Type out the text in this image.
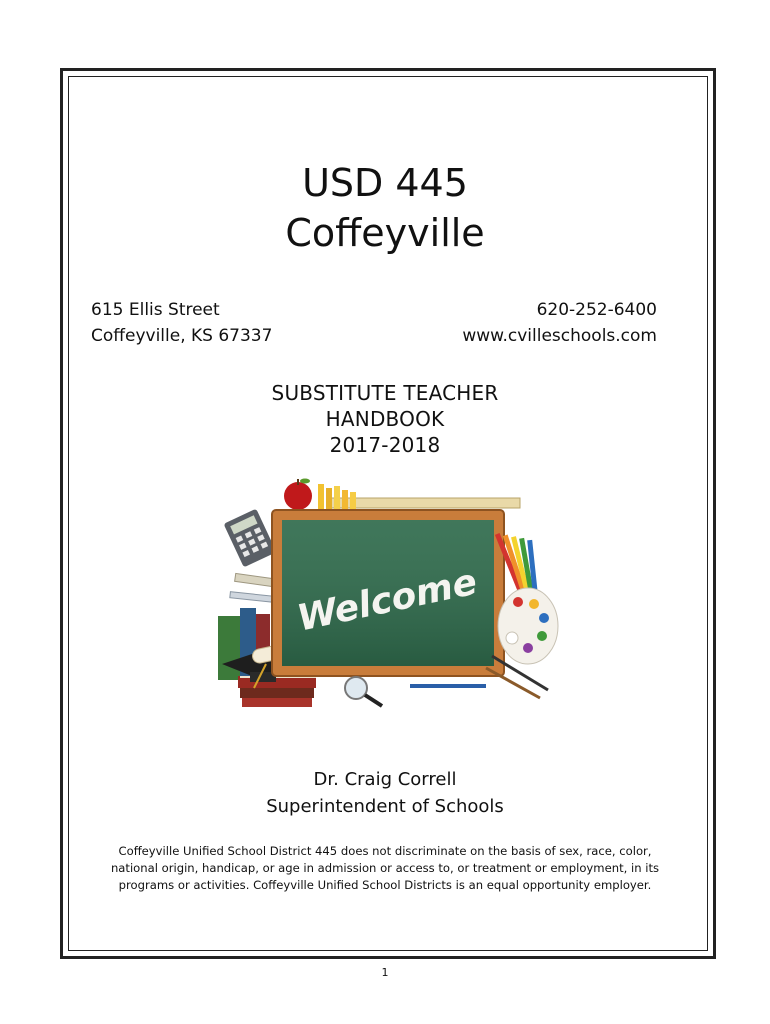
USD 445
Coffeyville
615 Ellis Street
Coffeyville, KS 67337
620-252-6400
www.cvilleschools.com
SUBSTITUTE TEACHER
HANDBOOK
2017-2018
Welcome
Dr. Craig Correll
Superintendent of Schools
Coffeyville Unified School District 445 does not discriminate on the basis of sex, race, color, national origin, handicap, or age in admission or access to, or treatment or employment, in its programs or activities. Coffeyville Unified School Districts is an equal opportunity employer.
1
